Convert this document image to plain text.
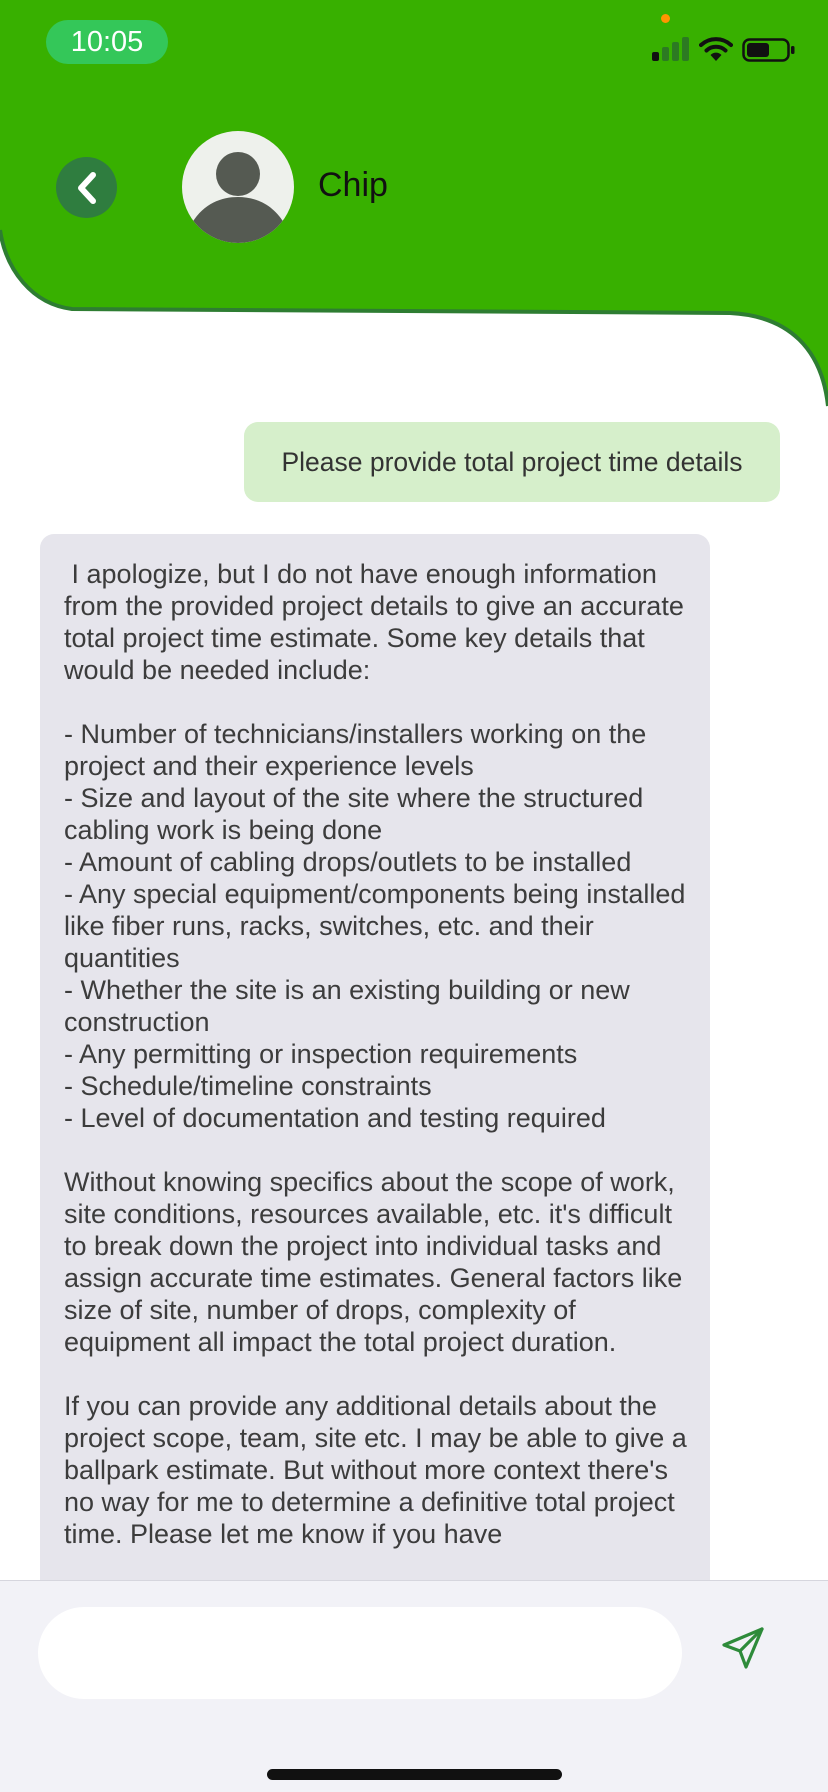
10:05
Chip
Please provide total project time details
I apologize, but I do not have enough information from the provided project details to give an accurate total project time estimate. Some key details that would be needed include:

- Number of technicians/installers working on the project and their experience levels
- Size and layout of the site where the structured cabling work is being done
- Amount of cabling drops/outlets to be installed
- Any special equipment/components being installed like fiber runs, racks, switches, etc. and their quantities
- Whether the site is an existing building or new construction
- Any permitting or inspection requirements
- Schedule/timeline constraints
- Level of documentation and testing required

Without knowing specifics about the scope of work, site conditions, resources available, etc. it's difficult to break down the project into individual tasks and assign accurate time estimates. General factors like size of site, number of drops, complexity of equipment all impact the total project duration.

If you can provide any additional details about the project scope, team, site etc. I may be able to give a ballpark estimate. But without more context there's no way for me to determine a definitive total project time. Please let me know if you have
